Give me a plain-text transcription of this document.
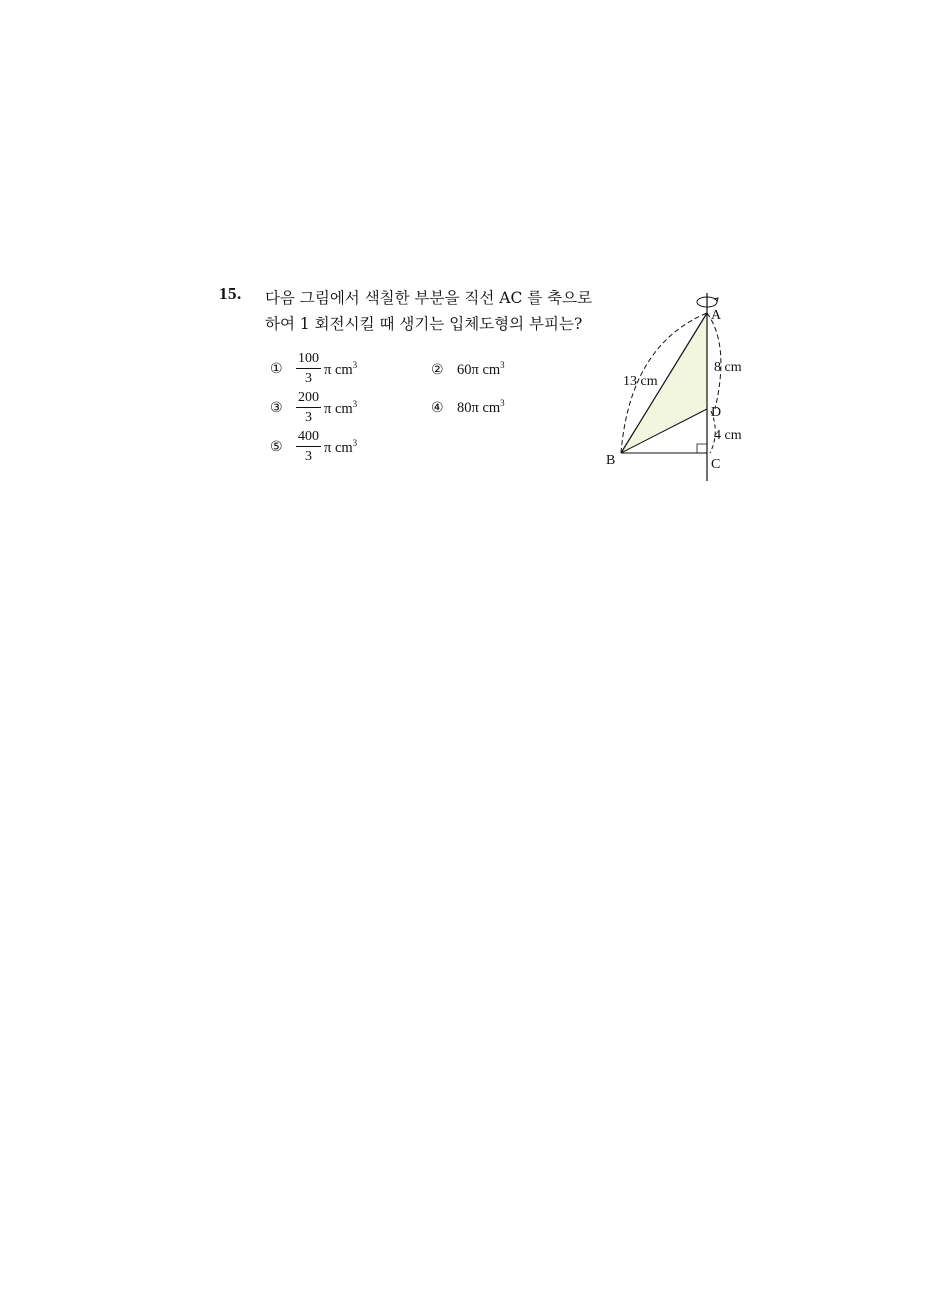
15. 다음 그림에서 색칠한 부분을 직선 AC 를 축으로
하여 1 회전시킬 때 생기는 입체도형의 부피는?
① $\frac{100}{3}$ π $cm^3$	② 60π $cm^3$
③ $\frac{200}{3}$ π $cm^3$	④ 80π $cm^3$
⑤ $\frac{400}{3}$ π $cm^3$
A
B	C
D
13 cm
8 cm
4 cm
